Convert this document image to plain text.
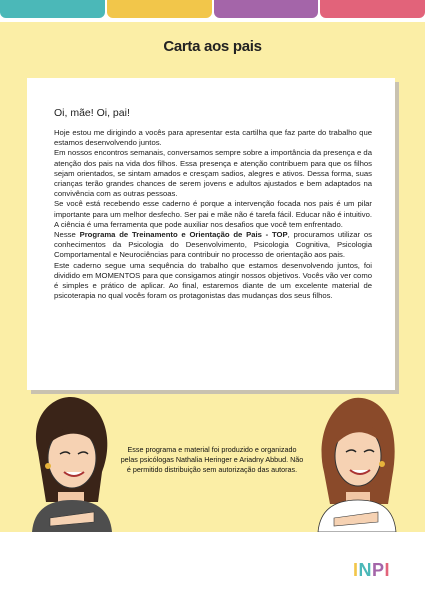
Carta aos pais

Oi, mãe! Oi, pai!

Hoje estou me dirigindo a vocês para apresentar esta cartilha que faz parte do trabalho que estamos desenvolvendo juntos.

Em nossos encontros semanais, conversamos sempre sobre a importância da presença e da atenção dos pais na vida dos filhos. Essa presença e atenção contribuem para que os filhos sejam orientados, se sintam amados e cresçam sadios, alegres e ativos. Dessa forma, suas crianças terão grandes chances de serem jovens e adultos ajustados e bem adaptados na convivência com as outras pessoas.

Se você está recebendo esse caderno é porque a intervenção focada nos pais é um pilar importante para um melhor desfecho. Ser pai e mãe não é tarefa fácil. Educar não é intuitivo. A ciência é uma ferramenta que pode auxiliar nos desafios que você tem enfrentado.

Nesse Programa de Treinamento e Orientação de Pais - TOP, procuramos utilizar os conhecimentos da Psicologia do Desenvolvimento, Psicologia Cognitiva, Psicologia Comportamental e Neurociências para contribuir no processo de orientação aos pais.

Este caderno segue uma sequência do trabalho que estamos desenvolvendo juntos, foi dividido em MOMENTOS para que consigamos atingir nossos objetivos. Vocês vão ver como é simples e prático de aplicar. Ao final, estaremos diante de um excelente material de psicoterapia no qual vocês foram os protagonistas das mudanças dos seus filhos.

Esse programa e material foi produzido e organizado pelas psicólogas Nathalia Heringer e Ariadny Abbud. Não é permitido distribuição sem autorização das autoras.

INPI
